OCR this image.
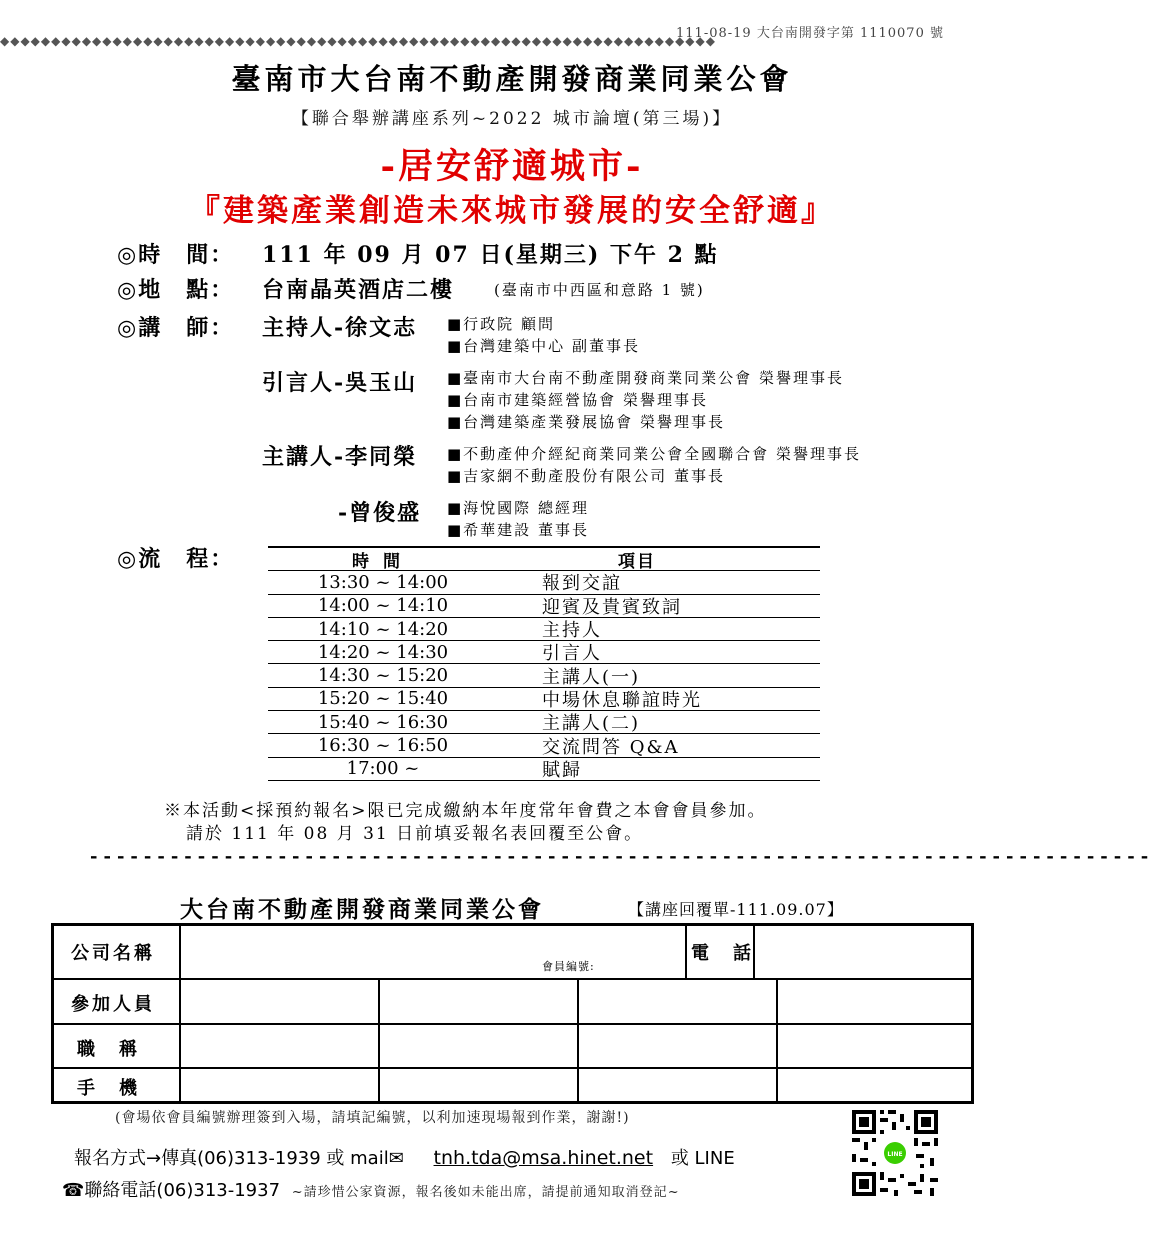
111-08-19 大台南開發字第 1110070 號
◆◆◆◆◆◆◆◆◆◆◆◆◆◆◆◆◆◆◆◆◆◆◆◆◆◆◆◆◆◆◆◆◆◆◆◆◆◆◆◆◆◆◆◆◆◆◆◆◆◆◆◆◆◆◆◆◆◆◆◆◆◆◆◆◆◆◆◆◆◆
臺南市大台南不動產開發商業同業公會
【聯合舉辦講座系列~2022 城市論壇(第三場)】
-居安舒適城市-
『建築產業創造未來城市發展的安全舒適』
◎時　間： 111 年 09 月 07 日(星期三) 下午 2 點
◎地　點： 台南晶英酒店二樓	(臺南市中西區和意路 1 號)
◎講　師： 主持人-徐文志 ■行政院 顧問
■台灣建築中心 副董事長
引言人-吳玉山 ■臺南市大台南不動產開發商業同業公會 榮譽理事長
■台南市建築經營協會 榮譽理事長
■台灣建築產業發展協會 榮譽理事長
主講人-李同榮 ■不動產仲介經紀商業同業公會全國聯合會 榮譽理事長
■吉家網不動產股份有限公司 董事長
-曾俊盛 ■海悅國際 總經理
■希華建設 董事長
◎流　程：	時間	項目
13:30 ~ 14:00	報到交誼
14:00 ~ 14:10	迎賓及貴賓致詞
14:10 ~ 14:20	主持人
14:20 ~ 14:30	引言人
14:30 ~ 15:20	主講人(一)
15:20 ~ 15:40	中場休息聯誼時光
15:40 ~ 16:30	主講人(二)
16:30 ~ 16:50	交流問答 Q&A
17:00 ~	賦歸
※本活動<採預約報名>限已完成繳納本年度常年會費之本會會員參加。
請於 111 年 08 月 31 日前填妥報名表回覆至公會。
-------------------------------------------------------------------------------
大台南不動產開發商業同業公會	【講座回覆單-111.09.07】
公司名稱	電　話
參加人員
職　稱
手　機
會員編號:
(會場依會員編號辦理簽到入場，請填記編號，以利加速現場報到作業，謝謝!)
報名方式→傳真(06)313-1939 或 mail✉ tnh.tda@msa.hinet.net 或 LINE
☎聯絡電話(06)313-1937 ~請珍惜公家資源，報名後如未能出席，請提前通知取消登記~
LINE
